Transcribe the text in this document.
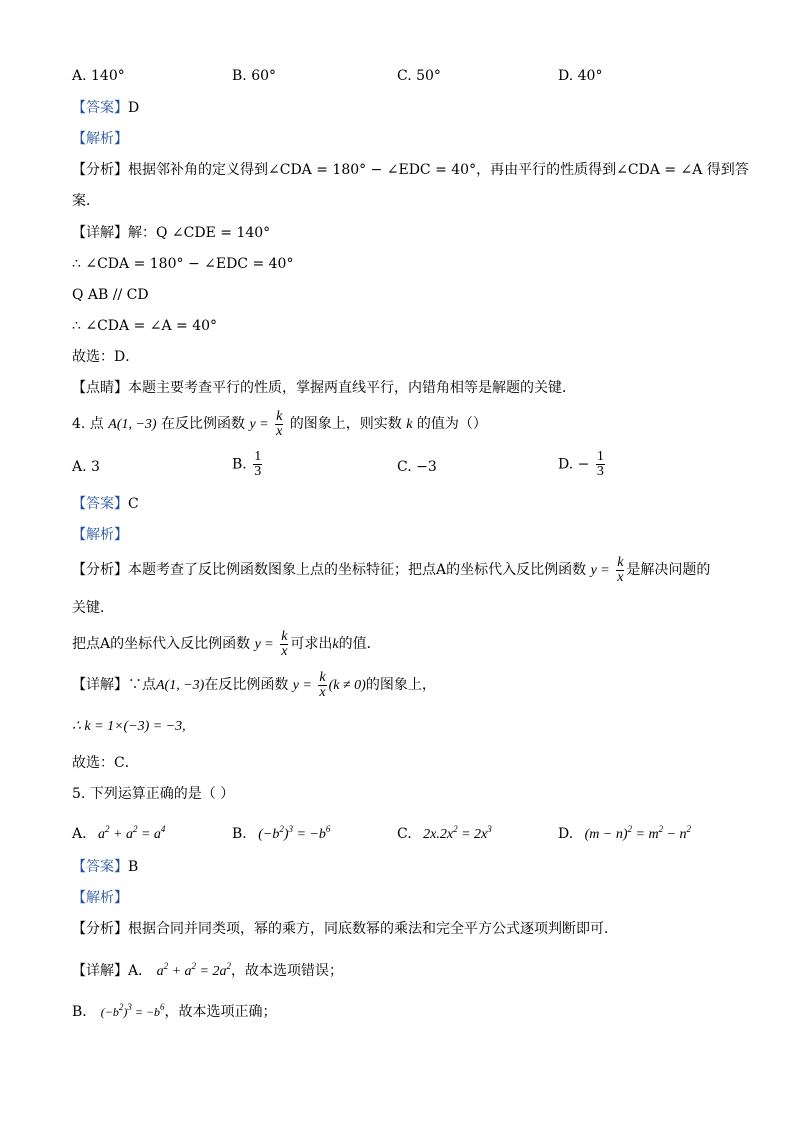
A. 140°	B. 60°	C. 50°	D. 40°
【答案】D
【解析】
【分析】根据邻补角的定义得到∠CDA = 180° − ∠EDC = 40°，再由平行的性质得到∠CDA = ∠A 得到答
案．
【详解】解：Q ∠CDE = 140°
∴ ∠CDA = 180° − ∠EDC = 40°
Q AB // CD
∴ ∠CDA = ∠A = 40°
故选：D．
【点睛】本题主要考查平行的性质，掌握两直线平行，内错角相等是解题的关键．
4. 点 A(1, −3) 在反比例函数 $y = \frac{k}{x}$ 的图象上，则实数 k 的值为（）
A. 3	B. $\frac{1}{3}$	C. −3	D. − $\frac{1}{3}$
【答案】C
【解析】
【分析】本题考查了反比例函数图象上点的坐标特征；把点A的坐标代入反比例函数 $y = \frac{k}{x}$ 是解决问题的
关键．
把点A的坐标代入反比例函数 $y = \frac{k}{x}$ 可求出k的值．
【详解】∵点A(1, −3)在反比例函数 $y = \frac{k}{x} (k \ne 0)$的图象上，
∴ k = 1×(−3) = −3,
故选：C．
5. 下列运算正确的是（ ）
A.   $a^2 + a^2 = a^4$	B.   $(-b^2)^3 = -b^6$	C.   $2x.2x^2 = 2x^3$	D.   $(m - n)^2 = m^2 - n^2$
【答案】B
【解析】
【分析】根据合同并同类项，幂的乘方，同底数幂的乘法和完全平方公式逐项判断即可．
【详解】A． $a^2 + a^2 = 2a^2$，故本选项错误；
B． $(-b^2)^3 = -b^6$，故本选项正确；
